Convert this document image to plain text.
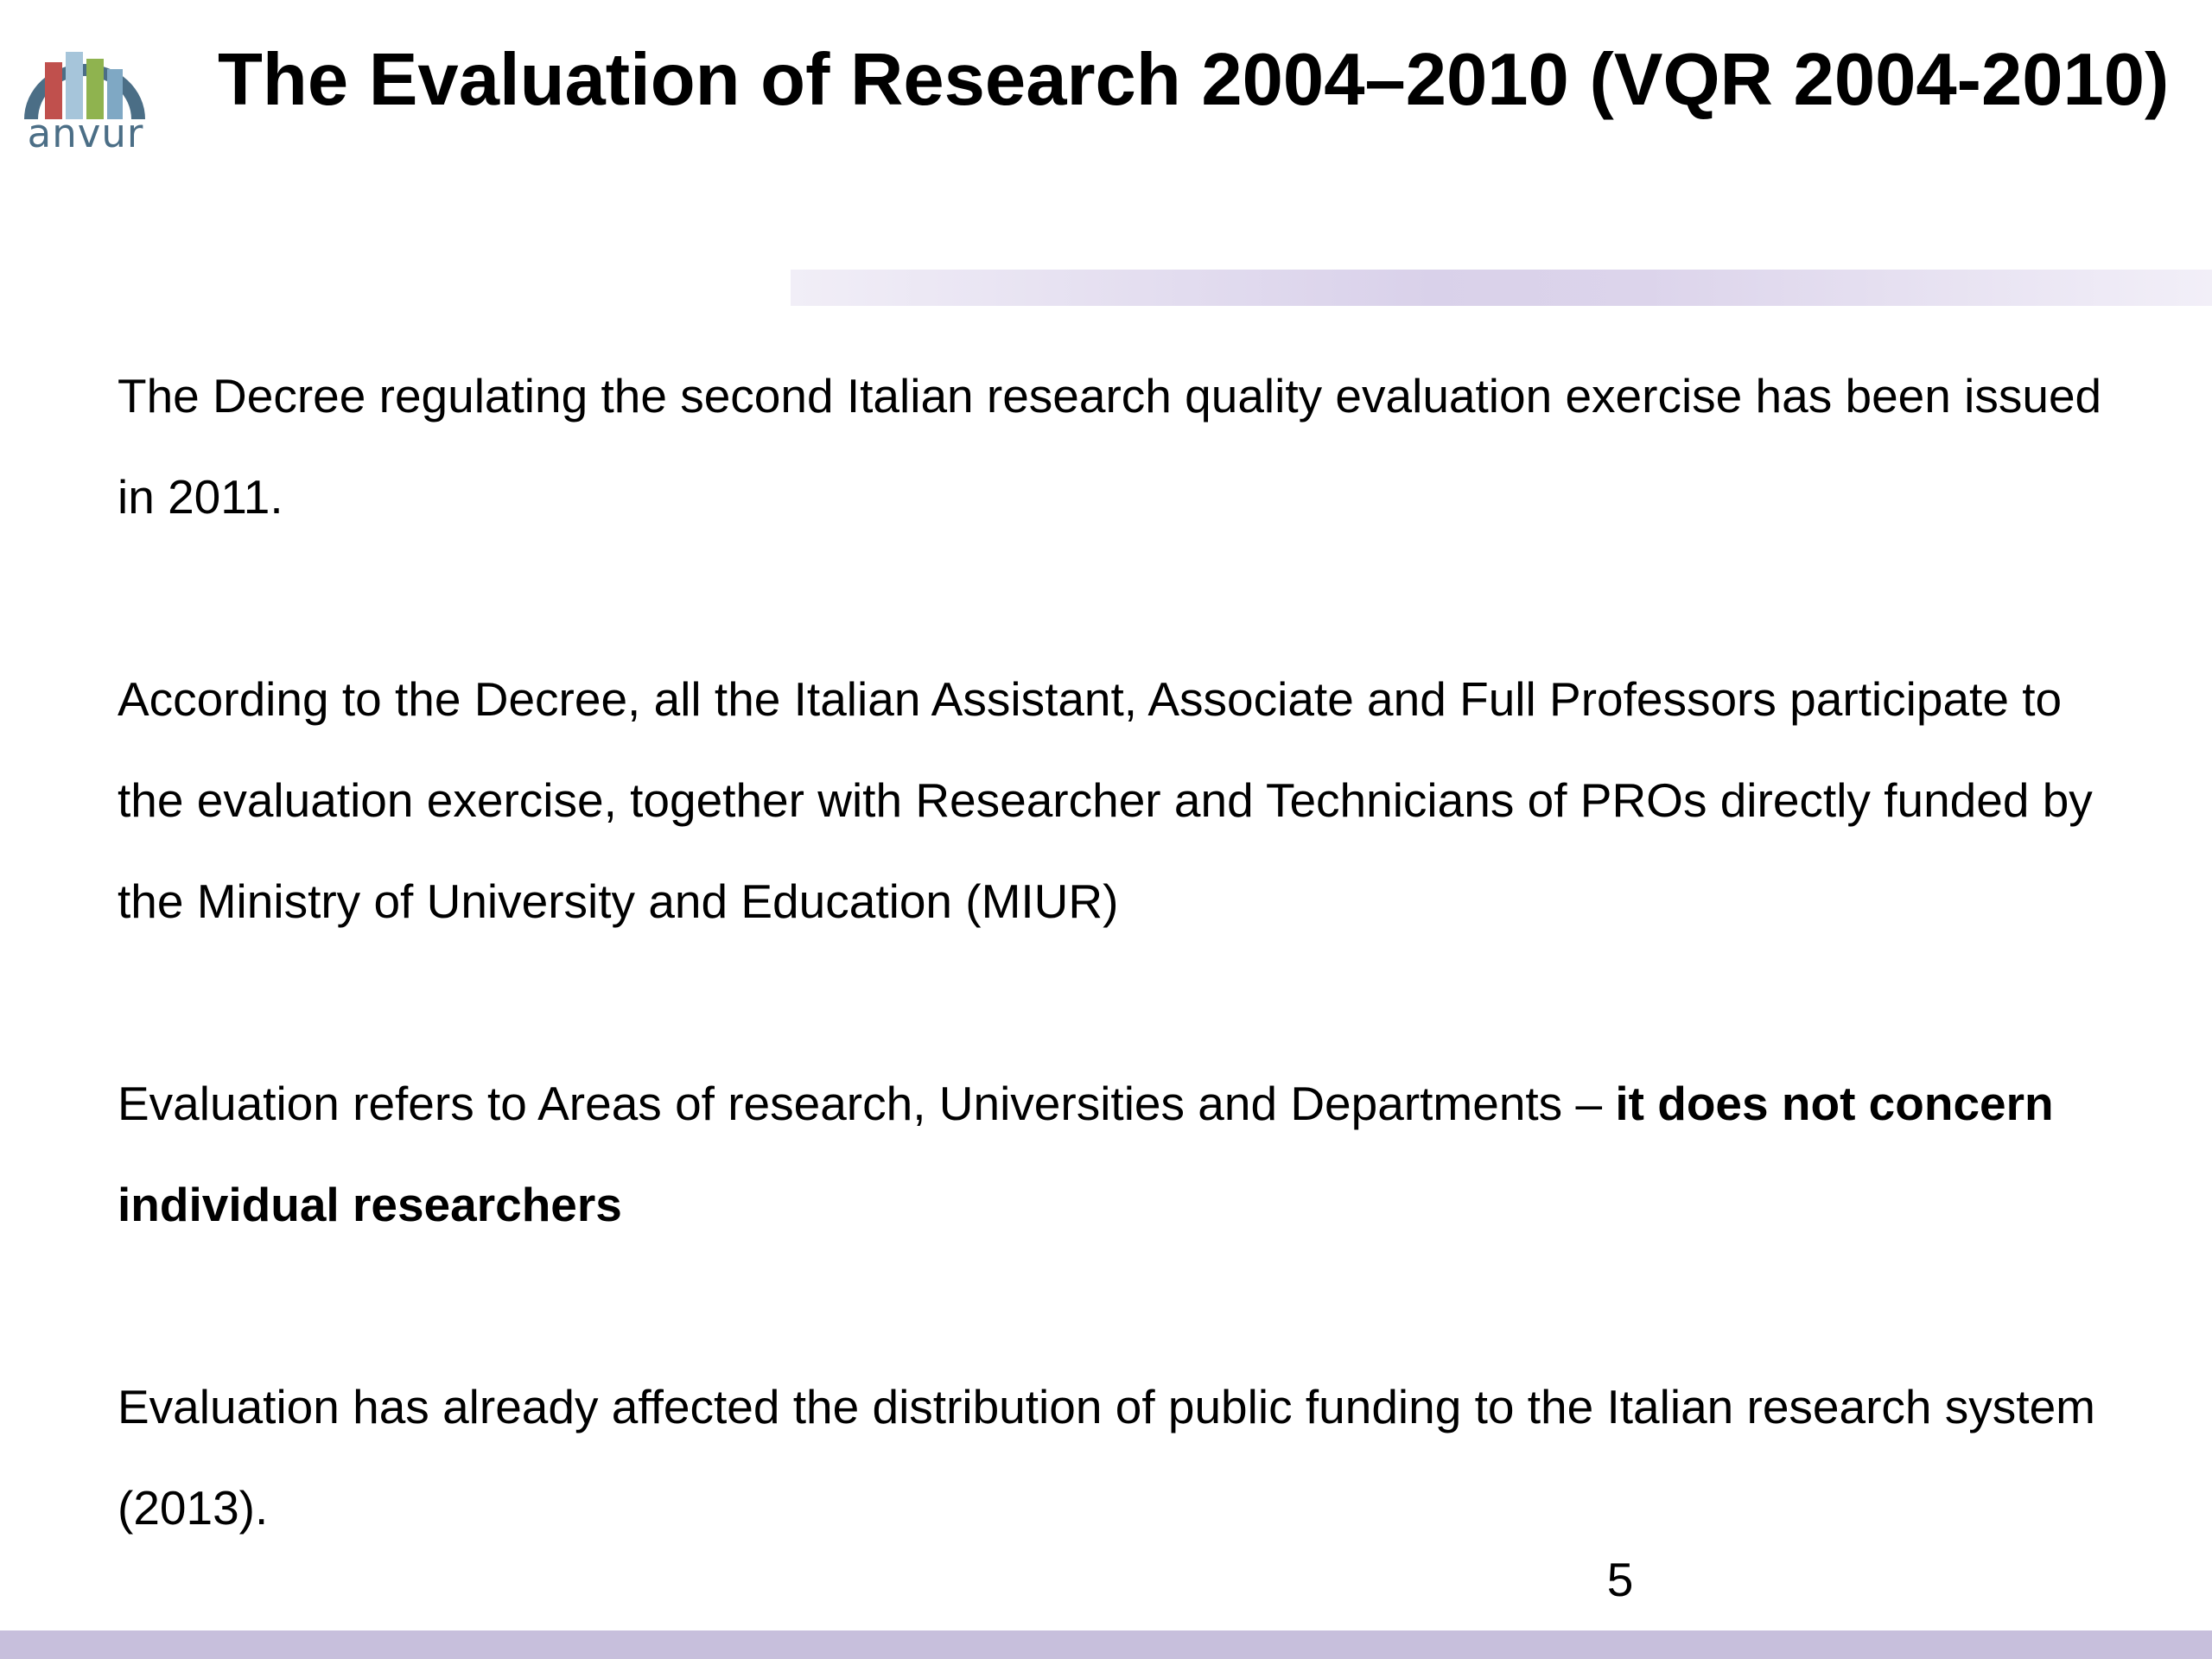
anvur
The Evaluation of Research 2004–2010 (VQR 2004-2010)

The Decree regulating the second Italian research quality evaluation exercise has been issued in 2011.

According to the Decree, all the Italian Assistant, Associate and Full Professors participate to the evaluation exercise, together with Researcher and Technicians of PROs directly funded by the Ministry of University and Education (MIUR)

Evaluation refers to Areas of research, Universities and Departments – it does not concern individual researchers

Evaluation has already affected the distribution of public funding to the Italian research system (2013).

5
